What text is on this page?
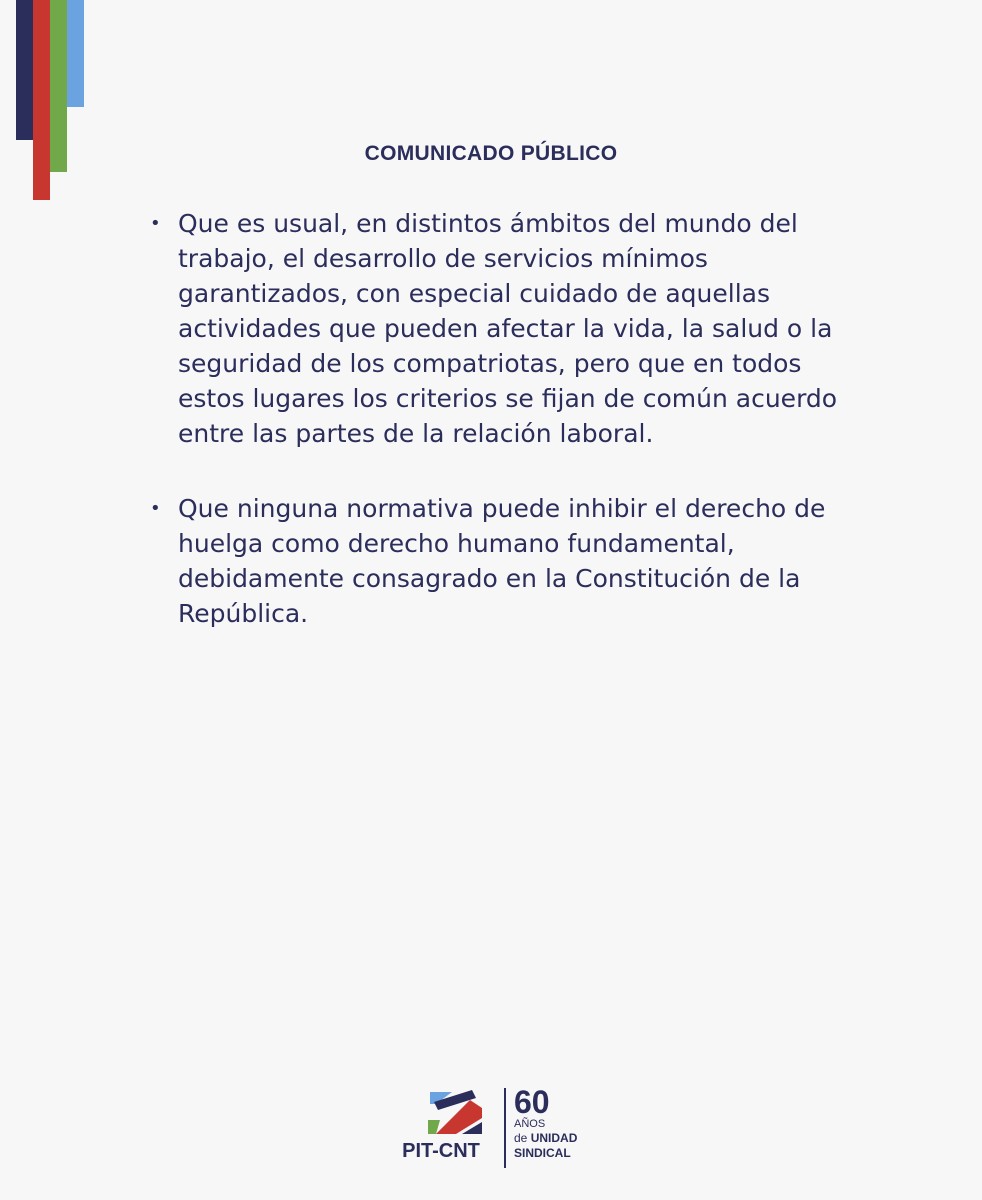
COMUNICADO PÚBLICO
• Que es usual, en distintos ámbitos del mundo del trabajo, el desarrollo de servicios mínimos garantizados, con especial cuidado de aquellas actividades que pueden afectar la vida, la salud o la seguridad de los compatriotas, pero que en todos estos lugares los criterios se fijan de común acuerdo entre las partes de la relación laboral.
• Que ninguna normativa puede inhibir el derecho de huelga como derecho humano fundamental, debidamente consagrado en la Constitución de la República.
PIT-CNT
60
AÑOS
de UNIDAD
SINDICAL
